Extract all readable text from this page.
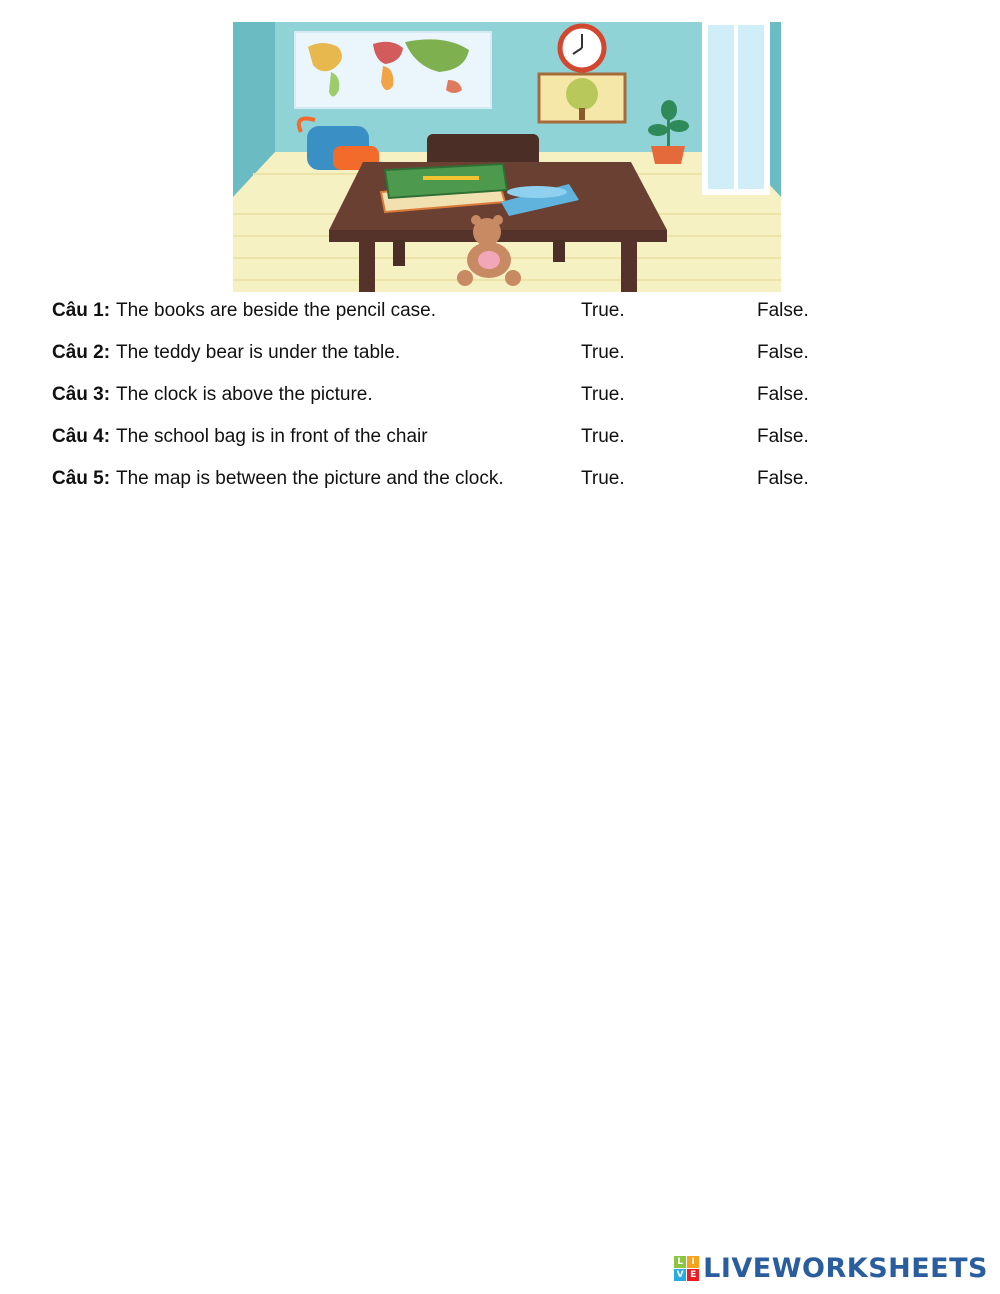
Câu 1: The books are beside the pencil case.	True.	False.
Câu 2: The teddy bear is under the table.	True.	False.
Câu 3: The clock is above the picture.	True.	False.
Câu 4: The school bag is in front of the chair	True.	False.
Câu 5: The map is between the picture and the clock.	True.	False.
L I
V E LIVEWORKSHEETS
